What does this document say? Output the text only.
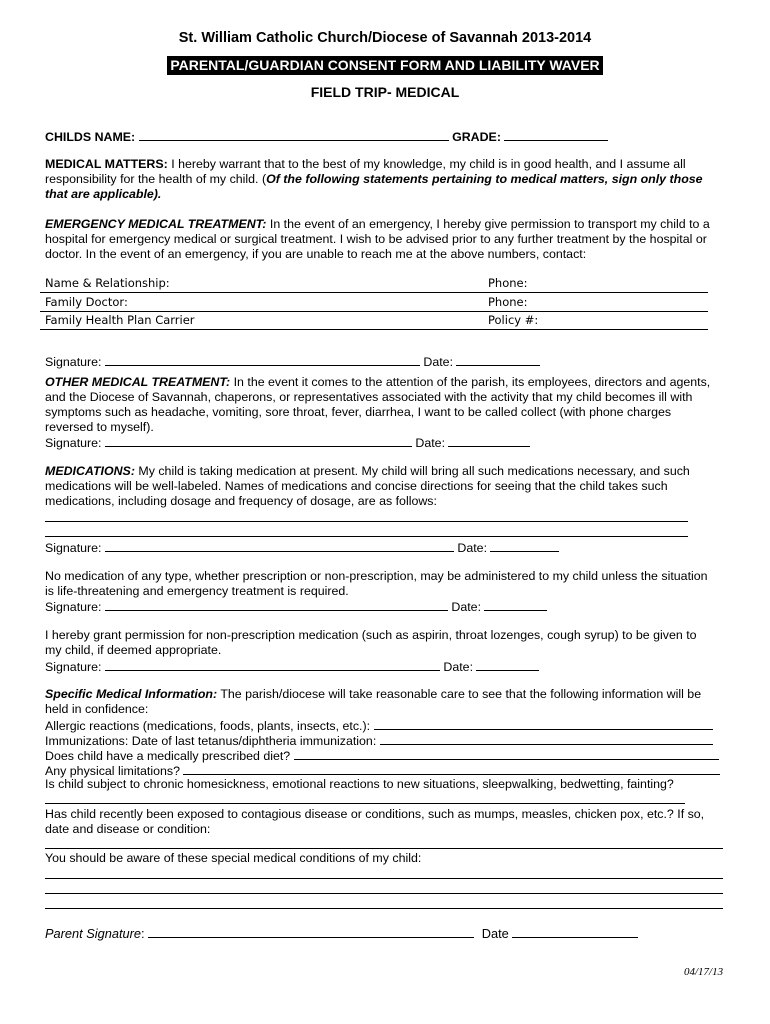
St. William Catholic Church/Diocese of Savannah 2013-2014
PARENTAL/GUARDIAN CONSENT FORM AND LIABILITY WAVER
FIELD TRIP- MEDICAL
CHILDS NAME:	GRADE:
MEDICAL MATTERS: I hereby warrant that to the best of my knowledge, my child is in good health, and I assume all
responsibility for the health of my child. (Of the following statements pertaining to medical matters, sign only those
that are applicable).
EMERGENCY MEDICAL TREATMENT: In the event of an emergency, I hereby give permission to transport my child to a
hospital for emergency medical or surgical treatment. I wish to be advised prior to any further treatment by the hospital or
doctor. In the event of an emergency, if you are unable to reach me at the above numbers, contact:
Name & Relationship:	Phone:
Family Doctor:	Phone:
Family Health Plan Carrier	Policy #:
Signature:	Date:
OTHER MEDICAL TREATMENT: In the event it comes to the attention of the parish, its employees, directors and agents,
and the Diocese of Savannah, chaperons, or representatives associated with the activity that my child becomes ill with
symptoms such as headache, vomiting, sore throat, fever, diarrhea, I want to be called collect (with phone charges
reversed to myself).
Signature:	Date:
MEDICATIONS: My child is taking medication at present. My child will bring all such medications necessary, and such
medications will be well-labeled. Names of medications and concise directions for seeing that the child takes such
medications, including dosage and frequency of dosage, are as follows:
Signature:	Date:
No medication of any type, whether prescription or non-prescription, may be administered to my child unless the situation
is life-threatening and emergency treatment is required.
Signature:	Date:
I hereby grant permission for non-prescription medication (such as aspirin, throat lozenges, cough syrup) to be given to
my child, if deemed appropriate.
Signature:	Date:
Specific Medical Information: The parish/diocese will take reasonable care to see that the following information will be
held in confidence:
Allergic reactions (medications, foods, plants, insects, etc.):
Immunizations: Date of last tetanus/diphtheria immunization:
Does child have a medically prescribed diet?
Any physical limitations?
Is child subject to chronic homesickness, emotional reactions to new situations, sleepwalking, bedwetting, fainting?
Has child recently been exposed to contagious disease or conditions, such as mumps, measles, chicken pox, etc.? If so,
date and disease or condition:
You should be aware of these special medical conditions of my child:
Parent Signature:	Date
04/17/13
